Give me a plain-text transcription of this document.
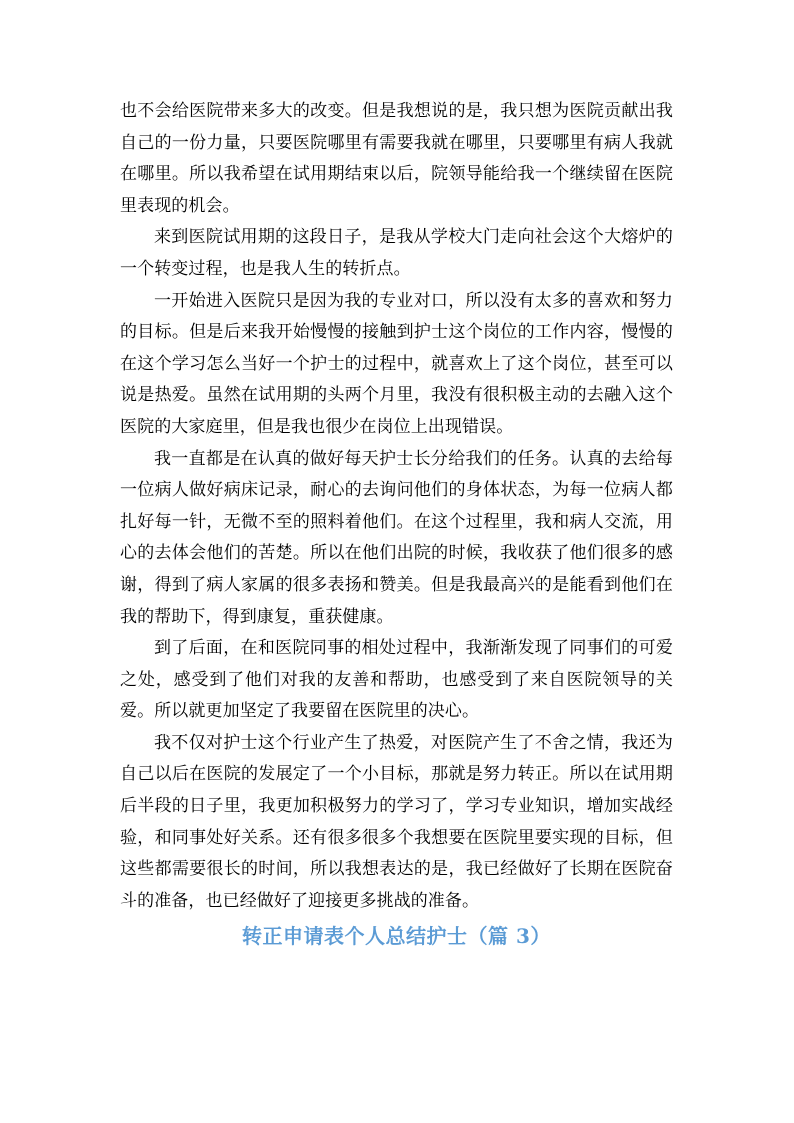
也不会给医院带来多大的改变。但是我想说的是，我只想为医院贡献出我自己的一份力量，只要医院哪里有需要我就在哪里，只要哪里有病人我就在哪里。所以我希望在试用期结束以后，院领导能给我一个继续留在医院里表现的机会。

来到医院试用期的这段日子，是我从学校大门走向社会这个大熔炉的一个转变过程，也是我人生的转折点。

一开始进入医院只是因为我的专业对口，所以没有太多的喜欢和努力的目标。但是后来我开始慢慢的接触到护士这个岗位的工作内容，慢慢的在这个学习怎么当好一个护士的过程中，就喜欢上了这个岗位，甚至可以说是热爱。虽然在试用期的头两个月里，我没有很积极主动的去融入这个医院的大家庭里，但是我也很少在岗位上出现错误。

我一直都是在认真的做好每天护士长分给我们的任务。认真的去给每一位病人做好病床记录，耐心的去询问他们的身体状态，为每一位病人都扎好每一针，无微不至的照料着他们。在这个过程里，我和病人交流，用心的去体会他们的苦楚。所以在他们出院的时候，我收获了他们很多的感谢，得到了病人家属的很多表扬和赞美。但是我最高兴的是能看到他们在我的帮助下，得到康复，重获健康。

到了后面，在和医院同事的相处过程中，我渐渐发现了同事们的可爱之处，感受到了他们对我的友善和帮助，也感受到了来自医院领导的关爱。所以就更加坚定了我要留在医院里的决心。

我不仅对护士这个行业产生了热爱，对医院产生了不舍之情，我还为自己以后在医院的发展定了一个小目标，那就是努力转正。所以在试用期后半段的日子里，我更加积极努力的学习了，学习专业知识，增加实战经验，和同事处好关系。还有很多很多个我想要在医院里要实现的目标，但这些都需要很长的时间，所以我想表达的是，我已经做好了长期在医院奋斗的准备，也已经做好了迎接更多挑战的准备。

转正申请表个人总结护士（篇 3）
